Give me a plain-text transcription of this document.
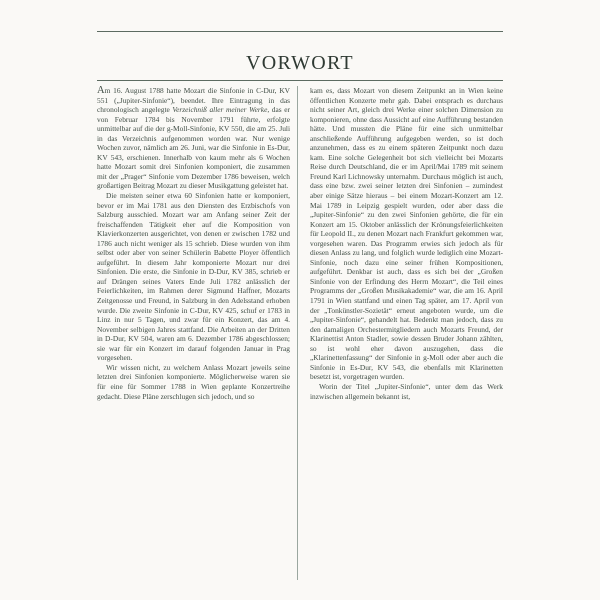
VORWORT

Am 16. August 1788 hatte Mozart die Sinfonie in C-Dur, KV 551 („Jupiter-Sinfonie“), beendet. Ihre Eintragung in das chronologisch angelegte Verzeichniß aller meiner Werke, das er von Februar 1784 bis November 1791 führte, erfolgte unmittelbar auf die der g-Moll-Sinfonie, KV 550, die am 25. Juli in das Verzeichnis aufgenommen worden war. Nur wenige Wochen zuvor, nämlich am 26. Juni, war die Sinfonie in Es-Dur, KV 543, erschienen. Innerhalb von kaum mehr als 6 Wochen hatte Mozart somit drei Sinfonien komponiert, die zusammen mit der „Prager“ Sinfonie vom Dezember 1786 beweisen, welch großartigen Beitrag Mozart zu dieser Musikgattung geleistet hat.

Die meisten seiner etwa 60 Sinfonien hatte er komponiert, bevor er im Mai 1781 aus den Diensten des Erzbischofs von Salzburg ausschied. Mozart war am Anfang seiner Zeit der freischaffenden Tätigkeit eher auf die Komposition von Klavierkonzerten ausgerichtet, von denen er zwischen 1782 und 1786 auch nicht weniger als 15 schrieb. Diese wurden von ihm selbst oder aber von seiner Schülerin Babette Ployer öffentlich aufgeführt. In diesem Jahr komponierte Mozart nur drei Sinfonien. Die erste, die Sinfonie in D-Dur, KV 385, schrieb er auf Drängen seines Vaters Ende Juli 1782 anlässlich der Feierlichkeiten, im Rahmen derer Sigmund Haffner, Mozarts Zeitgenosse und Freund, in Salzburg in den Adelsstand erhoben wurde. Die zweite Sinfonie in C-Dur, KV 425, schuf er 1783 in Linz in nur 5 Tagen, und zwar für ein Konzert, das am 4. November selbigen Jahres stattfand. Die Arbeiten an der Dritten in D-Dur, KV 504, waren am 6. Dezember 1786 abgeschlossen; sie war für ein Konzert im darauf folgenden Januar in Prag vorgesehen.

Wir wissen nicht, zu welchem Anlass Mozart jeweils seine letzten drei Sinfonien komponierte. Möglicherweise waren sie für eine für Sommer 1788 in Wien geplante Konzertreihe gedacht. Diese Pläne zerschlugen sich jedoch, und so

kam es, dass Mozart von diesem Zeitpunkt an in Wien keine öffentlichen Konzerte mehr gab. Dabei entsprach es durchaus nicht seiner Art, gleich drei Werke einer solchen Dimension zu komponieren, ohne dass Aussicht auf eine Aufführung bestanden hätte. Und mussten die Pläne für eine sich unmittelbar anschließende Aufführung aufgegeben werden, so ist doch anzunehmen, dass es zu einem späteren Zeitpunkt noch dazu kam. Eine solche Gelegenheit bot sich vielleicht bei Mozarts Reise durch Deutschland, die er im April/Mai 1789 mit seinem Freund Karl Lichnowsky unternahm. Durchaus möglich ist auch, dass eine bzw. zwei seiner letzten drei Sinfonien – zumindest aber einige Sätze hieraus – bei einem Mozart-Konzert am 12. Mai 1789 in Leipzig gespielt wurden, oder aber dass die „Jupiter-Sinfonie“ zu den zwei Sinfonien gehörte, die für ein Konzert am 15. Oktober anlässlich der Krönungsfeierlichkeiten für Leopold II., zu denen Mozart nach Frankfurt gekommen war, vorgesehen waren. Das Programm erwies sich jedoch als für diesen Anlass zu lang, und folglich wurde lediglich eine Mozart-Sinfonie, noch dazu eine seiner frühen Kompositionen, aufgeführt. Denkbar ist auch, dass es sich bei der „Großen Sinfonie von der Erfindung des Herrn Mozart“, die Teil eines Programms der „Großen Musikakademie“ war, die am 16. April 1791 in Wien stattfand und einen Tag später, am 17. April von der „Tonkünstler-Sozietät“ erneut angeboten wurde, um die „Jupiter-Sinfonie“, gehandelt hat. Bedenkt man jedoch, dass zu den damaligen Orchestermitgliedern auch Mozarts Freund, der Klarinettist Anton Stadler, sowie dessen Bruder Johann zählten, so ist wohl eher davon auszugehen, dass die „Klarinettenfassung“ der Sinfonie in g-Moll oder aber auch die Sinfonie in Es-Dur, KV 543, die ebenfalls mit Klarinetten besetzt ist, vorgetragen wurden.

Worin der Titel „Jupiter-Sinfonie“, unter dem das Werk inzwischen allgemein bekannt ist,
